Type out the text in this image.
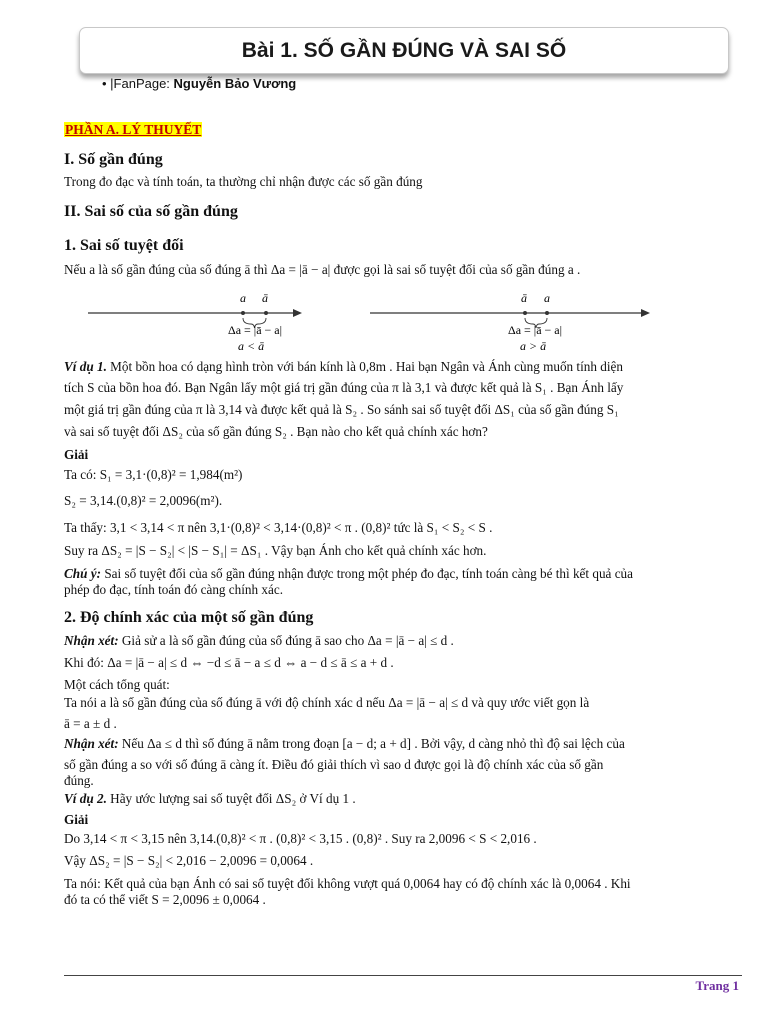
Bài 1. SỐ GẦN ĐÚNG VÀ SAI SỐ
• |FanPage: Nguyễn Bảo Vương
PHẦN A. LÝ THUYẾT
I. Số gần đúng
Trong đo đạc và tính toán, ta thường chỉ nhận được các số gần đúng
II. Sai số của số gần đúng
1. Sai số tuyệt đối
Nếu a là số gần đúng của số đúng ā thì Δa = |ā − a| được gọi là sai số tuyệt đối của số gần đúng a .
Ví dụ 1. Một bồn hoa có dạng hình tròn với bán kính là 0,8m . Hai bạn Ngân và Ánh cùng muốn tính diện
tích S của bồn hoa đó. Bạn Ngân lấy một giá trị gần đúng của π là 3,1 và được kết quả là S₁ . Bạn Ánh lấy
một giá trị gần đúng của π là 3,14 và được kết quả là S₂ . So sánh sai số tuyệt đối ΔS₁ của số gần đúng S₁
và sai số tuyệt đối ΔS₂ của số gần đúng S₂ . Bạn nào cho kết quả chính xác hơn?
Giải
Ta có: S₁ = 3,1·(0,8)² = 1,984(m²)
S₂ = 3,14.(0,8)² = 2,0096(m²).
Ta thấy: 3,1 < 3,14 < π nên 3,1·(0,8)² < 3,14·(0,8)² < π . (0,8)² tức là S₁ < S₂ < S .
Suy ra ΔS₂ = |S − S₂| < |S − S₁| = ΔS₁ . Vậy bạn Ánh cho kết quả chính xác hơn.
Chú ý: Sai số tuyệt đối của số gần đúng nhận được trong một phép đo đạc, tính toán càng bé thì kết quả của
phép đo đạc, tính toán đó càng chính xác.
2. Độ chính xác của một số gần đúng
Nhận xét: Giả sử a là số gần đúng của số đúng ā sao cho Δa = |ā − a| ≤ d .
Khi đó: Δa = |ā − a| ≤ d ⇔ −d ≤ ā − a ≤ d ⇔ a − d ≤ ā ≤ a + d .
Một cách tổng quát:
Ta nói a là số gần đúng của số đúng ā với độ chính xác d nếu Δa = |ā − a| ≤ d và quy ước viết gọn là
ā = a ± d .
Nhận xét: Nếu Δa ≤ d thì số đúng ā nằm trong đoạn [a − d; a + d] . Bởi vậy, d càng nhỏ thì độ sai lệch của
số gần đúng a so với số đúng ā càng ít. Điều đó giải thích vì sao d được gọi là độ chính xác của số gần
đúng.
Ví dụ 2. Hãy ước lượng sai số tuyệt đối ΔS₂ ở Ví dụ 1 .
Giải
Do 3,14 < π < 3,15 nên 3,14.(0,8)² < π . (0,8)² < 3,15 . (0,8)² . Suy ra 2,0096 < S < 2,016 .
Vậy ΔS₂ = |S − S₂| < 2,016 − 2,0096 = 0,0064 .
Ta nói: Kết quả của bạn Ánh có sai số tuyệt đối không vượt quá 0,0064 hay có độ chính xác là 0,0064 . Khi
đó ta có thể viết S = 2,0096 ± 0,0064 .
a ā
Δa = |ā − a|
a < ā
ā a
Δa = |ā − a|
a > ā
Trang 1
